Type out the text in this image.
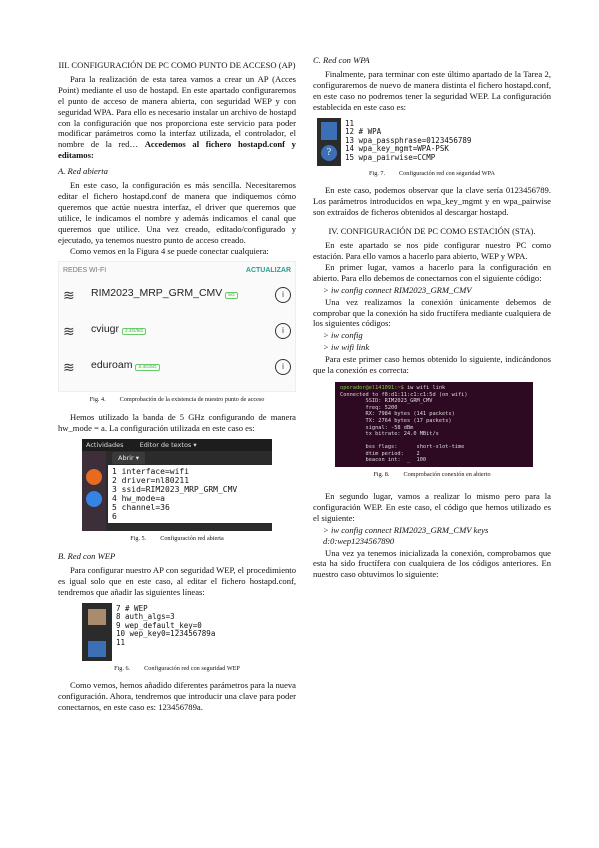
III. CONFIGURACIÓN DE PC COMO PUNTO DE ACCESO (AP)

Para la realización de esta tarea vamos a crear un AP (Acces Point) mediante el uso de hostapd. En este apartado configuraremos el punto de acceso de manera abierta, con seguridad WEP y con seguridad WPA. Para ello es necesario instalar un archivo de hostapd con la configuración que nos proporciona este servicio para poder modificar parámetros como la interfaz utilizada, el controlador, el nombre de la red… Accedemos al fichero hostapd.conf y editamos:

A. Red abierta

En este caso, la configuración es más sencilla. Necesitaremos editar el fichero hostapd.conf de manera que indiquemos cómo queremos que actúe nuestra interfaz, el driver que queremos que utilice, le indicamos el nombre y además indicamos el canal que queremos que utilice. Una vez creado, editado/configurado y ejecutado, ya tenemos nuestro punto de acceso creado.

Como vemos en la Figura 4 se puede conectar cualquiera:

REDES WI-FI	ACTUALIZAR
≋	RIM2023_MRP_GRM_CMV 5G	i
≋	cviugr 2.4G/5G	i
≋	eduroam 2.4G/5G	i
Fig. 4. Comprobación de la existencia de nuestro punto de acceso

Hemos utilizado la banda de 5 GHz configurando de manera hw_mode = a. La configuración utilizada en este caso es:

Actividades Editor de textos ▾
Abrir ▾
1 interface=wifi
2 driver=nl80211
3 ssid=RIM2023_MRP_GRM_CMV
4 hw_mode=a
5 channel=36
6
Fig. 5. Configuración red abierta
B. Red con WEP

Para configurar nuestro AP con seguridad WEP, el procedimiento es igual solo que en este caso, al editar el fichero hostapd.conf, tendremos que añadir las siguientes líneas:

7 # WEP
8 auth_algs=3
9 wep_default_key=0
10 wep_key0=123456789a
11
Fig. 6. Configuración red con seguridad WEP

Como vemos, hemos añadido diferentes parámetros para la nueva configuración. Ahora, tendremos que introducir una clave para poder conectarnos, en este caso es: 123456789a.

C. Red con WPA

Finalmente, para terminar con este último apartado de la Tarea 2, configuraremos de nuevo de manera distinta el fichero hostapd.conf, en este caso no podremos tener la seguridad WEP. La configuración establecida en este caso es:

?
11
12 # WPA
13 wpa_passphrase=0123456789
14 wpa_key_mgmt=WPA-PSK
15 wpa_pairwise=CCMP
Fig. 7. Configuración red con seguridad WPA

En este caso, podemos observar que la clave sería 0123456789. Los parámetros introducidos en wpa_key_mgmt y en wpa_pairwise son extraídos de ficheros obtenidos al descargar hostapd.

IV. CONFIGURACIÓN DE PC COMO ESTACIÓN (STA).

En este apartado se nos pide configurar nuestro PC como estación. Para ello vamos a hacerlo para abierto, WEP y WPA.

En primer lugar, vamos a hacerlo para la configuración en abierto. Para ello debemos de conectarnos con el siguiente código:

> iw config connect RIM2023_GRM_CMV

Una vez realizamos la conexión únicamente debemos de comprobar que la conexión ha sido fructífera mediante cualquiera de los siguientes códigos:

> iw config
> iw wifi link

Para este primer caso hemos obtenido lo siguiente, indicándonos que la conexión es correcta:

operador@el141091:~$ iw wifi link
Connected to f8:d1:11:c1:c1:5d (on wifi)
SSID: RIM2023_GRM_CMV
freq: 5200
RX: 7984 bytes (141 packets)
TX: 2764 bytes (17 packets)
signal: -58 dBm
tx bitrate: 24.0 MBit/s

bss flags:      short-slot-time
dtim period:    2
beacon int:  _  100
Fig. 8. Comprobación conexión en abierto

En segundo lugar, vamos a realizar lo mismo pero para la configuración WEP. En este caso, el código que hemos utilizado es el siguiente:

> iw config connect RIM2023_GRM_CMV keys d:0:wep1234567890

Una vez ya tenemos inicializada la conexión, comprobamos que esta ha sido fructífera con cualquiera de los códigos anteriores. En nuestro caso obtuvimos lo siguiente:
